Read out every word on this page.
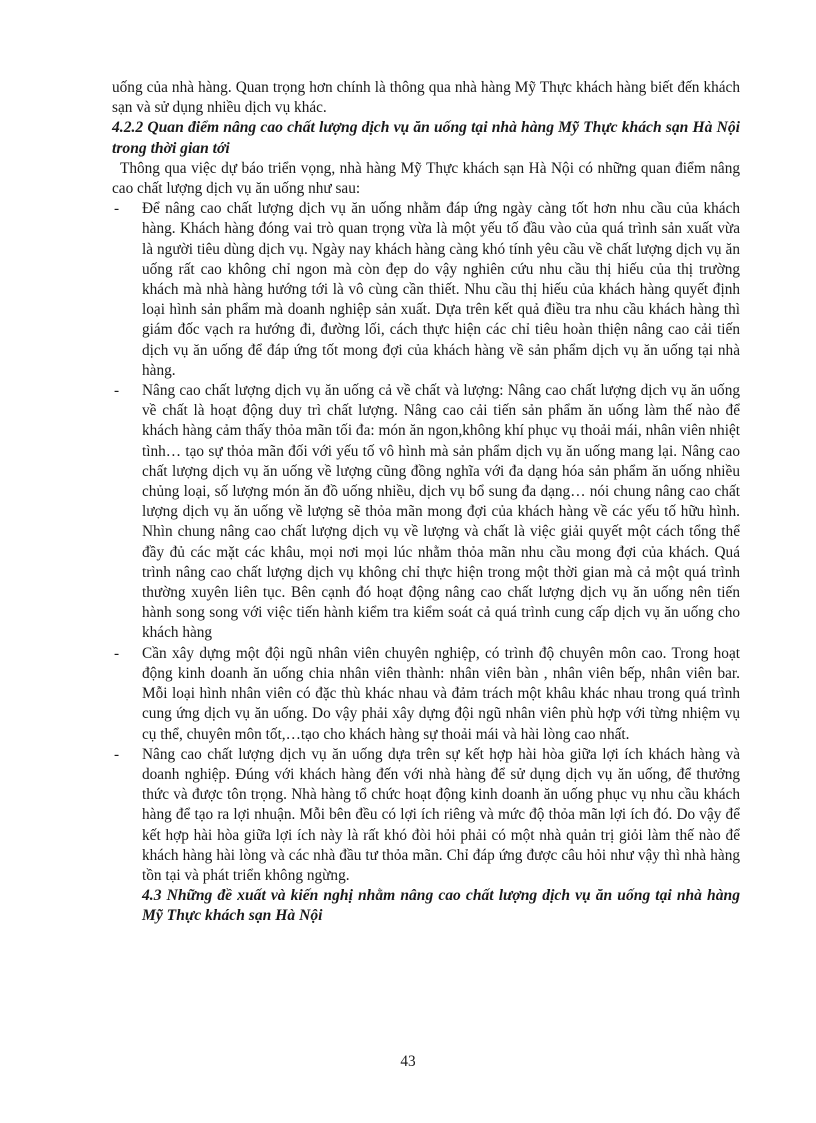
uống của nhà hàng. Quan trọng hơn chính là thông qua nhà hàng Mỹ Thực khách hàng biết đến khách sạn và sử dụng nhiều dịch vụ khác.

4.2.2 Quan điểm nâng cao chất lượng dịch vụ ăn uống tại nhà hàng Mỹ Thực khách sạn Hà Nội trong thời gian tới

Thông qua việc dự báo triển vọng, nhà hàng Mỹ Thực khách sạn Hà Nội có những quan điểm nâng cao chất lượng dịch vụ ăn uống như sau:

- Để nâng cao chất lượng dịch vụ ăn uống nhằm đáp ứng ngày càng tốt hơn nhu cầu của khách hàng. Khách hàng đóng vai trò quan trọng vừa là một yếu tố đầu vào của quá trình sản xuất vừa là người tiêu dùng dịch vụ. Ngày nay khách hàng càng khó tính yêu cầu về chất lượng dịch vụ ăn uống rất cao không chỉ ngon mà còn đẹp do vậy nghiên cứu nhu cầu thị hiếu của thị trường khách mà nhà hàng hướng tới là vô cùng cần thiết. Nhu cầu thị hiếu của khách hàng quyết định loại hình sản phẩm mà doanh nghiệp sản xuất. Dựa trên kết quả điều tra nhu cầu khách hàng thì giám đốc vạch ra hướng đi, đường lối, cách thực hiện các chỉ tiêu hoàn thiện nâng cao cải tiến dịch vụ ăn uống để đáp ứng tốt mong đợi của khách hàng về sản phẩm dịch vụ ăn uống tại nhà hàng.
- Nâng cao chất lượng dịch vụ ăn uống cả về chất và lượng: Nâng cao chất lượng dịch vụ ăn uống về chất là hoạt động duy trì chất lượng. Nâng cao cải tiến sản phẩm ăn uống làm thế nào để khách hàng cảm thấy thỏa mãn tối đa: món ăn ngon,không khí phục vụ thoải mái, nhân viên nhiệt tình… tạo sự thỏa mãn đối với yếu tố vô hình mà sản phẩm dịch vụ ăn uống mang lại. Nâng cao chất lượng dịch vụ ăn uống về lượng cũng đồng nghĩa với đa dạng hóa sản phẩm ăn uống nhiều chủng loại, số lượng món ăn đồ uống nhiều, dịch vụ bổ sung đa dạng… nói chung nâng cao chất lượng dịch vụ ăn uống về lượng sẽ thỏa mãn mong đợi của khách hàng về các yếu tố hữu hình. Nhìn chung nâng cao chất lượng dịch vụ về lượng và chất là việc giải quyết một cách tổng thể đầy đủ các mặt các khâu, mọi nơi mọi lúc nhằm thỏa mãn nhu cầu mong đợi của khách. Quá trình nâng cao chất lượng dịch vụ không chỉ thực hiện trong một thời gian mà cả một quá trình thường xuyên liên tục. Bên cạnh đó hoạt động nâng cao chất lượng dịch vụ ăn uống nên tiến hành song song với việc tiến hành kiểm tra kiểm soát cả quá trình cung cấp dịch vụ ăn uống cho khách hàng
- Cần xây dựng một đội ngũ nhân viên chuyên nghiệp, có trình độ chuyên môn cao. Trong hoạt động kinh doanh ăn uống chia nhân viên thành: nhân viên bàn , nhân viên bếp, nhân viên bar. Mỗi loại hình nhân viên có đặc thù khác nhau và đảm trách một khâu khác nhau trong quá trình cung ứng dịch vụ ăn uống. Do vậy phải xây dựng đội ngũ nhân viên phù hợp với từng nhiệm vụ cụ thể, chuyên môn tốt,…tạo cho khách hàng sự thoải mái và hài lòng cao nhất.
- Nâng cao chất lượng dịch vụ ăn uống dựa trên sự kết hợp hài hòa giữa lợi ích khách hàng và doanh nghiệp. Đúng với khách hàng đến với nhà hàng để sử dụng dịch vụ ăn uống, để thưởng thức và được tôn trọng. Nhà hàng tổ chức hoạt động kinh doanh ăn uống phục vụ nhu cầu khách hàng để tạo ra lợi nhuận. Mỗi bên đều có lợi ích riêng và mức độ thỏa mãn lợi ích đó. Do vậy để kết hợp hài hòa giữa lợi ích này là rất khó đòi hỏi phải có một nhà quản trị giỏi làm thế nào để khách hàng hài lòng và các nhà đầu tư thỏa mãn. Chỉ đáp ứng được câu hỏi như vậy thì nhà hàng tồn tại và phát triển không ngừng.

4.3 Những đề xuất và kiến nghị nhằm nâng cao chất lượng dịch vụ ăn uống tại nhà hàng Mỹ Thực khách sạn Hà Nội

43
